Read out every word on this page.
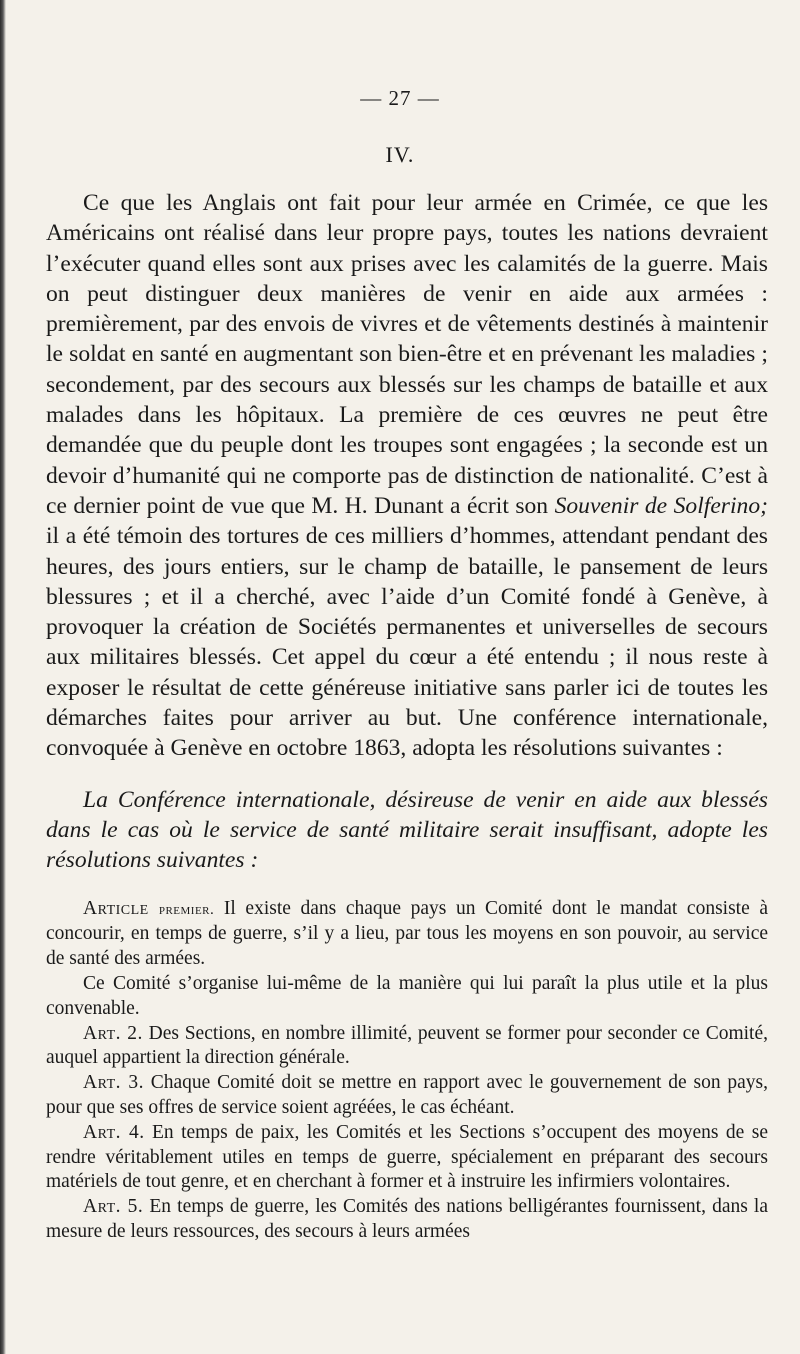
— 27 —
IV.

Ce que les Anglais ont fait pour leur armée en Crimée, ce que les Américains ont réalisé dans leur propre pays, toutes les nations devraient l’exécuter quand elles sont aux prises avec les calamités de la guerre. Mais on peut distinguer deux manières de venir en aide aux armées : premièrement, par des envois de vivres et de vêtements destinés à maintenir le soldat en santé en augmentant son bien-être et en prévenant les maladies ; secondement, par des secours aux blessés sur les champs de bataille et aux malades dans les hôpitaux. La première de ces œuvres ne peut être demandée que du peuple dont les troupes sont engagées ; la seconde est un devoir d’humanité qui ne comporte pas de distinction de nationalité. C’est à ce dernier point de vue que M. H. Dunant a écrit son Souvenir de Solferino; il a été témoin des tortures de ces milliers d’hommes, attendant pendant des heures, des jours entiers, sur le champ de bataille, le pansement de leurs blessures ; et il a cherché, avec l’aide d’un Comité fondé à Genève, à provoquer la création de Sociétés permanentes et universelles de secours aux militaires blessés. Cet appel du cœur a été entendu ; il nous reste à exposer le résultat de cette généreuse initiative sans parler ici de toutes les démarches faites pour arriver au but. Une conférence internationale, convoquée à Genève en octobre 1863, adopta les résolutions suivantes :

La Conférence internationale, désireuse de venir en aide aux blessés dans le cas où le service de santé militaire serait insuffisant, adopte les résolutions suivantes :

Article premier. Il existe dans chaque pays un Comité dont le mandat consiste à concourir, en temps de guerre, s’il y a lieu, par tous les moyens en son pouvoir, au service de santé des armées.

Ce Comité s’organise lui-même de la manière qui lui paraît la plus utile et la plus convenable.

Art. 2. Des Sections, en nombre illimité, peuvent se former pour seconder ce Comité, auquel appartient la direction générale.

Art. 3. Chaque Comité doit se mettre en rapport avec le gouvernement de son pays, pour que ses offres de service soient agréées, le cas échéant.

Art. 4. En temps de paix, les Comités et les Sections s’occupent des moyens de se rendre véritablement utiles en temps de guerre, spécialement en préparant des secours matériels de tout genre, et en cherchant à former et à instruire les infirmiers volontaires.

Art. 5. En temps de guerre, les Comités des nations belligérantes fournissent, dans la mesure de leurs ressources, des secours à leurs armées
